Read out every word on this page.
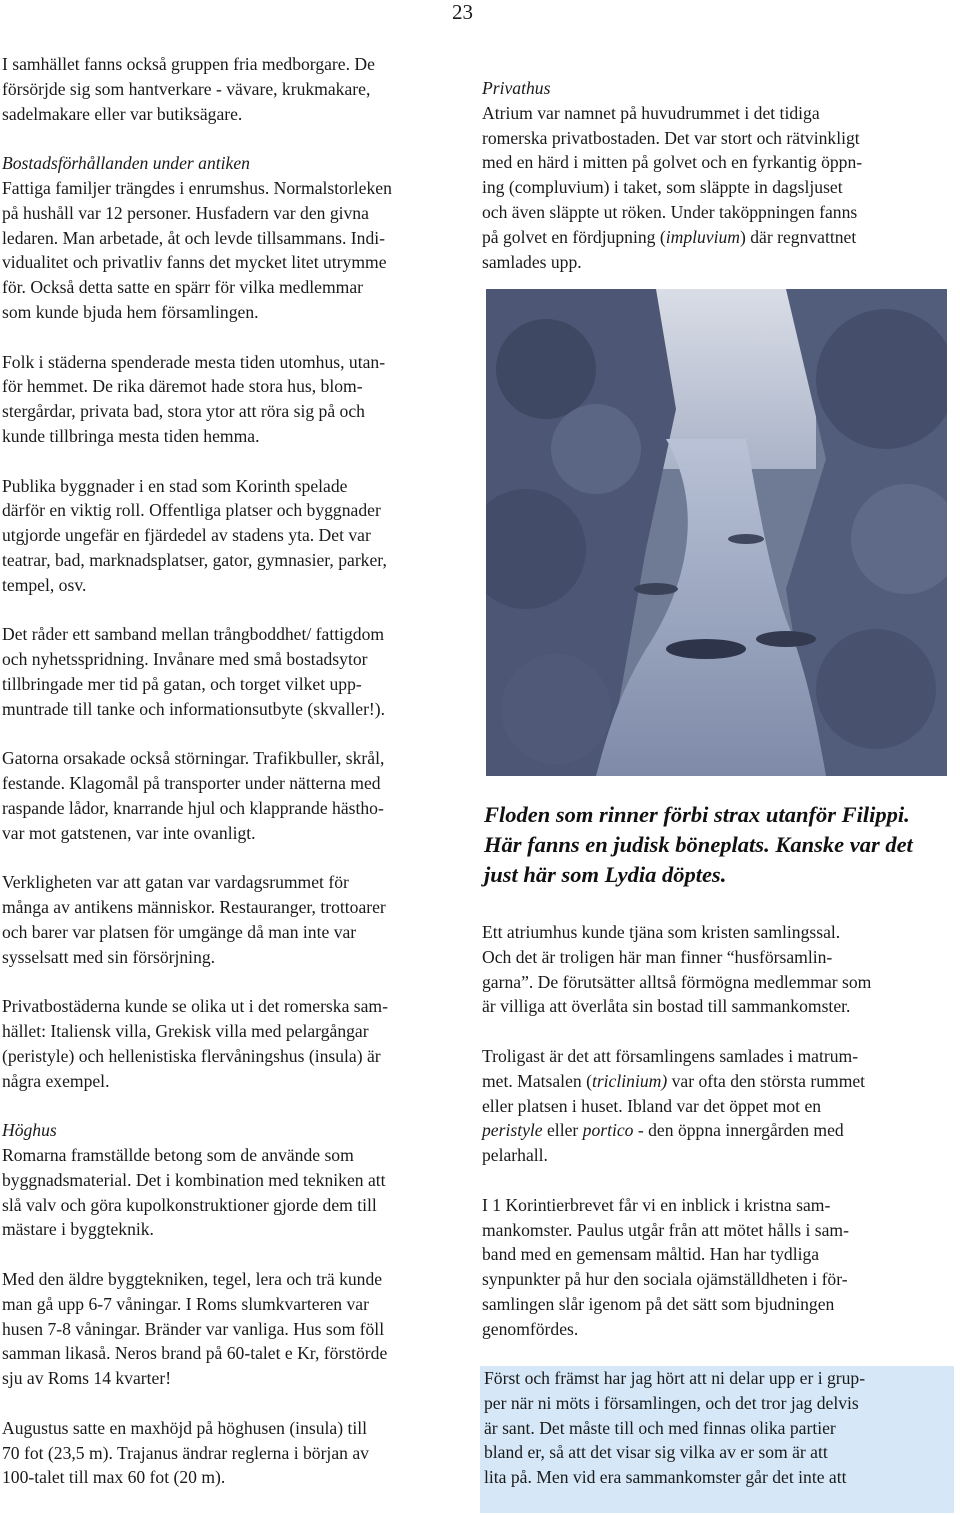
23

I samhället fanns också gruppen fria medborgare. De
försörjde sig som hantverkare - vävare, krukmakare,
sadelmakare eller var butiksägare.

Bostadsförhållanden under antiken
Fattiga familjer trängdes i enrumshus. Normalstorleken
på hushåll var 12 personer. Husfadern var den givna
ledaren. Man arbetade, åt och levde tillsammans. Indi-
vidualitet och privatliv fanns det mycket litet utrymme
för. Också detta satte en spärr för vilka medlemmar
som kunde bjuda hem församlingen.

Folk i städerna spenderade mesta tiden utomhus, utan-
för hemmet. De rika däremot hade stora hus, blom-
stergårdar, privata bad, stora ytor att röra sig på och
kunde tillbringa mesta tiden hemma.

Publika byggnader i en stad som Korinth spelade
därför en viktig roll. Offentliga platser och byggnader
utgjorde ungefär en fjärdedel av stadens yta. Det var
teatrar, bad, marknadsplatser, gator, gymnasier, parker,
tempel, osv.

Det råder ett samband mellan trångboddhet/ fattigdom
och nyhetsspridning. Invånare med små bostadsytor
tillbringade mer tid på gatan, och torget vilket upp-
muntrade till tanke och informationsutbyte (skvaller!).

Gatorna orsakade också störningar. Trafikbuller, skrål,
festande. Klagomål på transporter under nätterna med
raspande lådor, knarrande hjul och klapprande hästho-
var mot gatstenen, var inte ovanligt.

Verkligheten var att gatan var vardagsrummet för
många av antikens människor. Restauranger, trottoarer
och barer var platsen för umgänge då man inte var
sysselsatt med sin försörjning.

Privatbostäderna kunde se olika ut i det romerska sam-
hället: Italiensk villa, Grekisk villa med pelargångar
(peristyle) och hellenistiska flervåningshus (insula) är
några exempel.

Höghus
Romarna framställde betong som de använde som
byggnadsmaterial. Det i kombination med tekniken att
slå valv och göra kupolkonstruktioner gjorde dem till
mästare i byggteknik.

Med den äldre byggtekniken, tegel, lera och trä kunde
man gå upp 6-7 våningar. I Roms slumkvarteren var
husen 7-8 våningar. Bränder var vanliga. Hus som föll
samman likaså. Neros brand på 60-talet e Kr, förstörde
sju av Roms 14 kvarter!

Augustus satte en maxhöjd på höghusen (insula) till
70 fot (23,5 m). Trajanus ändrar reglerna i början av
100-talet till max 60 fot (20 m).

Privathus
Atrium var namnet på huvudrummet i det tidiga
romerska privatbostaden. Det var stort och rätvinkligt
med en härd i mitten på golvet och en fyrkantig öppn-
ing (compluvium) i taket, som släppte in dagsljuset
och även släppte ut röken. Under taköppningen fanns
på golvet en fördjupning (impluvium) där regnvattnet
samlades upp.

Floden som rinner förbi strax utanför Filippi.
Här fanns en judisk böneplats. Kanske var det
just här som Lydia döptes.

Ett atriumhus kunde tjäna som kristen samlingssal.
Och det är troligen här man finner “husförsamlin-
garna”. De förutsätter alltså förmögna medlemmar som
är villiga att överlåta sin bostad till sammankomster.

Troligast är det att församlingens samlades i matrum-
met. Matsalen (triclinium) var ofta den största rummet
eller platsen i huset. Ibland var det öppet mot en
peristyle eller portico - den öppna innergården med
pelarhall.

I 1 Korintierbrevet får vi en inblick i kristna sam-
mankomster. Paulus utgår från att mötet hålls i sam-
band med en gemensam måltid. Han har tydliga
synpunkter på hur den sociala ojämställdheten i för-
samlingen slår igenom på det sätt som bjudningen
genomfördes.

Först och främst har jag hört att ni delar upp er i grup-
per när ni möts i församlingen, och det tror jag delvis
är sant. Det måste till och med finnas olika partier
bland er, så att det visar sig vilka av er som är att
lita på. Men vid era sammankomster går det inte att
